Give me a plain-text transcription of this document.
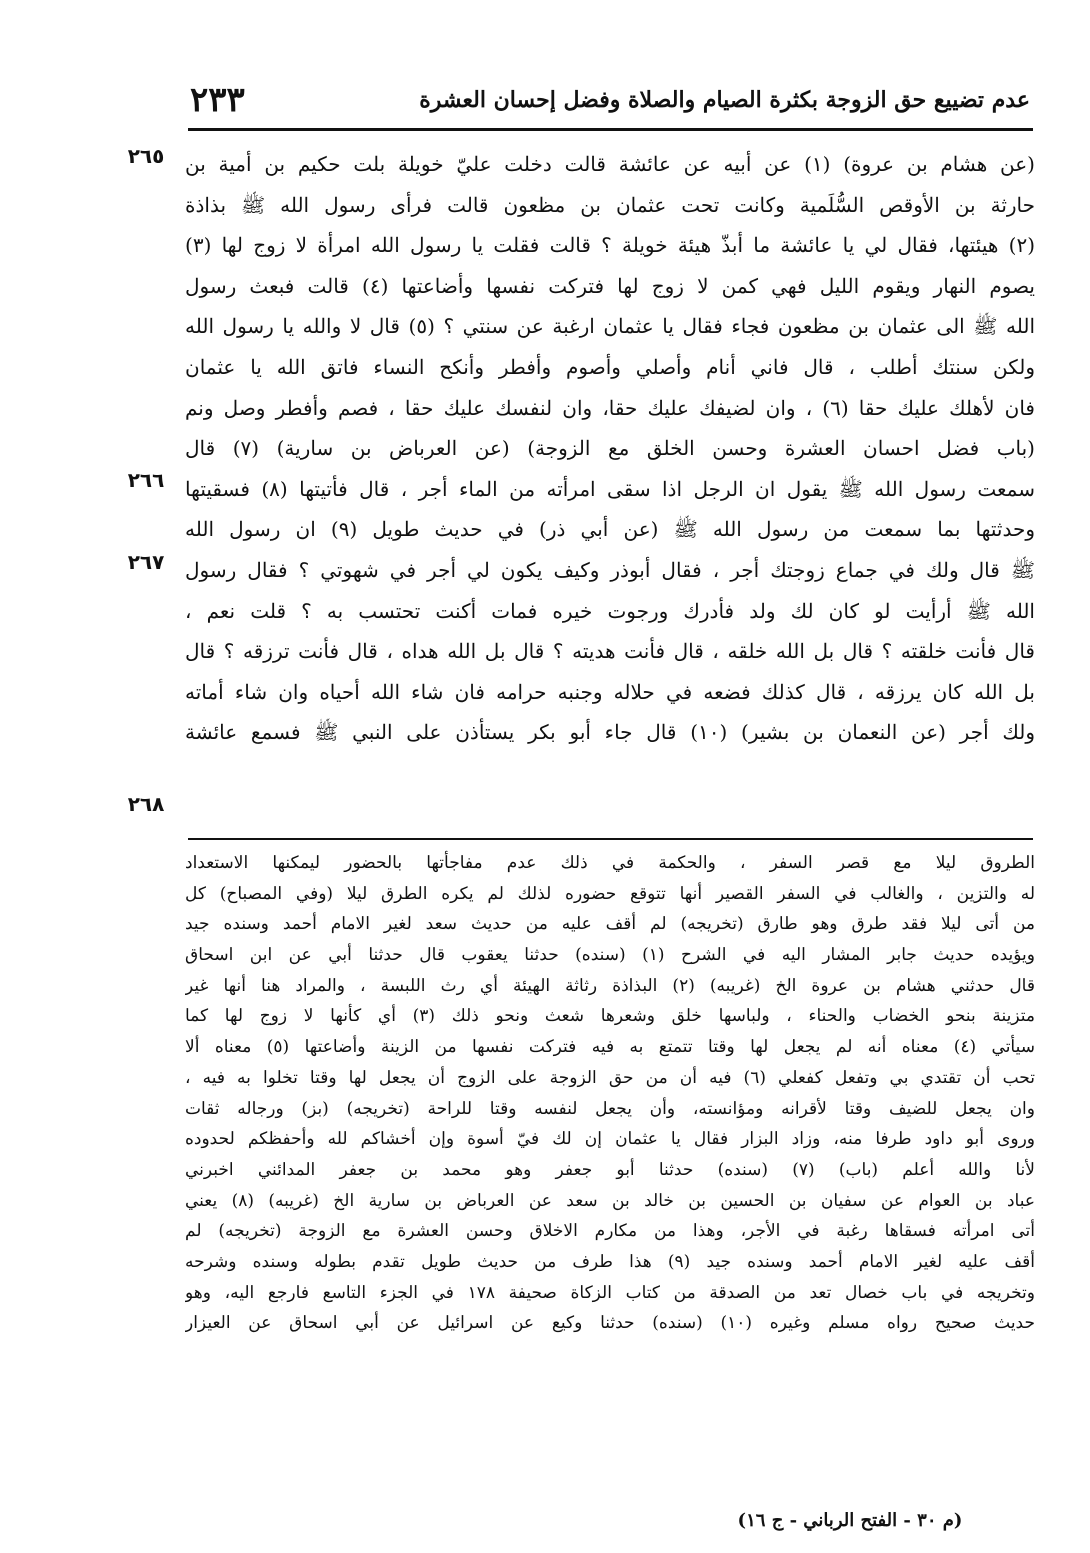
عدم تضييع حق الزوجة بكثرة الصيام والصلاة وفضل إحسان العشرة
٢٣٣
٢٦٥
٢٦٦
٢٦٧
٢٦٨
(عن هشام بن عروة) (١) عن أبيه عن عائشة قالت دخلت عليّ خويلة بلت حكيم بن أمية بن
حارثة بن الأوقص السُّلَمية وكانت تحت عثمان بن مظعون قالت فرأى رسول الله ﷺ بذاذة
(٢) هيئتها، فقال لي يا عائشة ما أبذّ هيئة خويلة ؟ قالت فقلت يا رسول الله امرأة لا زوج لها (٣)
يصوم النهار ويقوم الليل فهي كمن لا زوج لها فتركت نفسها وأضاعتها (٤) قالت فبعث رسول
الله ﷺ الى عثمان بن مظعون فجاء فقال يا عثمان ارغبة عن سنتي ؟ (٥) قال لا والله يا رسول الله
ولكن سنتك أطلب ، قال فاني أنام وأصلي وأصوم وأفطر وأنكح النساء فاتق الله يا عثمان
فان لأهلك عليك حقا (٦) ، وان لضيفك عليك حقا، وان لنفسك عليك حقا ، فصم وأفطر وصل ونم
(باب فضل احسان العشرة وحسن الخلق مع الزوجة) (عن العرباض بن سارية) (٧) قال
سمعت رسول الله ﷺ يقول ان الرجل اذا سقى امرأته من الماء أجر ، قال فأتيتها (٨) فسقيتها
وحدثتها بما سمعت من رسول الله ﷺ (عن أبي ذر) في حديث طويل (٩) ان رسول الله
ﷺ قال ولك في جماع زوجتك أجر ، فقال أبوذر وكيف يكون لي أجر في شهوتي ؟ فقال رسول
الله ﷺ أرأيت لو كان لك ولد فأدرك ورجوت خيره فمات أكنت تحتسب به ؟ قلت نعم ،
قال فأنت خلقته ؟ قال بل الله خلقه ، قال فأنت هديته ؟ قال بل الله هداه ، قال فأنت ترزقه ؟ قال
بل الله كان يرزقه ، قال كذلك فضعه في حلاله وجنبه حرامه فان شاء الله أحياه وان شاء أماته
ولك أجر (عن النعمان بن بشير) (١٠) قال جاء أبو بكر يستأذن على النبي ﷺ فسمع عائشة
الطروق ليلا مع قصر السفر ، والحكمة في ذلك عدم مفاجأتها بالحضور ليمكنها الاستعداد
له والتزين ، والغالب في السفر القصير أنها تتوقع حضوره لذلك لم يكره الطرق ليلا (وفي المصباح) كل
من أتى ليلا فقد طرق وهو طارق (تخريجه) لم أقف عليه من حديث سعد لغير الامام أحمد وسنده جيد
ويؤيده حديث جابر المشار اليه في الشرح (١) (سنده) حدثنا يعقوب قال حدثنا أبي عن ابن اسحاق
قال حدثني هشام بن عروة الخ (غريبه) (٢) البذاذة رثاثة الهيئة أي رث اللبسة ، والمراد هنا أنها غير
متزينة بنحو الخضاب والحناء ، ولباسها خلق وشعرها شعث ونحو ذلك (٣) أي كأنها لا زوج لها كما
سيأتي (٤) معناه أنه لم يجعل لها وقتا تتمتع به فيه فتركت نفسها من الزينة وأضاعتها (٥) معناه ألا
تحب أن تقتدي بي وتفعل كفعلي (٦) فيه أن من حق الزوجة على الزوج أن يجعل لها وقتا تخلوا به فيه ،
وان يجعل للضيف وقتا لأقرانه ومؤانسته، وأن يجعل لنفسه وقتا للراحة (تخريجه) (بز) ورجاله ثقات
وروى أبو داود طرفا منه، وزاد البزار فقال يا عثمان إن لك فيّ أسوة وإن أخشاكم لله وأحفظكم لحدوده
لأنا والله أعلم (باب) (٧) (سنده) حدثنا أبو جعفر وهو محمد بن جعفر المدائني اخبرني
عباد بن العوام عن سفيان بن الحسين بن خالد بن سعد عن العرباض بن سارية الخ (غريبه) (٨) يعني
أتى امرأته فسقاها رغبة في الأجر، وهذا من مكارم الاخلاق وحسن العشرة مع الزوجة (تخريجه) لم
أقف عليه لغير الامام أحمد وسنده جيد (٩) هذا طرف من حديث طويل تقدم بطوله وسنده وشرحه
وتخريجه في باب خصال تعد من الصدقة من كتاب الزكاة صحيفة ١٧٨ في الجزء التاسع فارجع اليه، وهو
حديث صحيح رواه مسلم وغيره (١٠) (سنده) حدثنا وكيع عن اسرائيل عن أبي اسحاق عن العيزار
(م ٣٠ - الفتح الرباني - ج ١٦)
